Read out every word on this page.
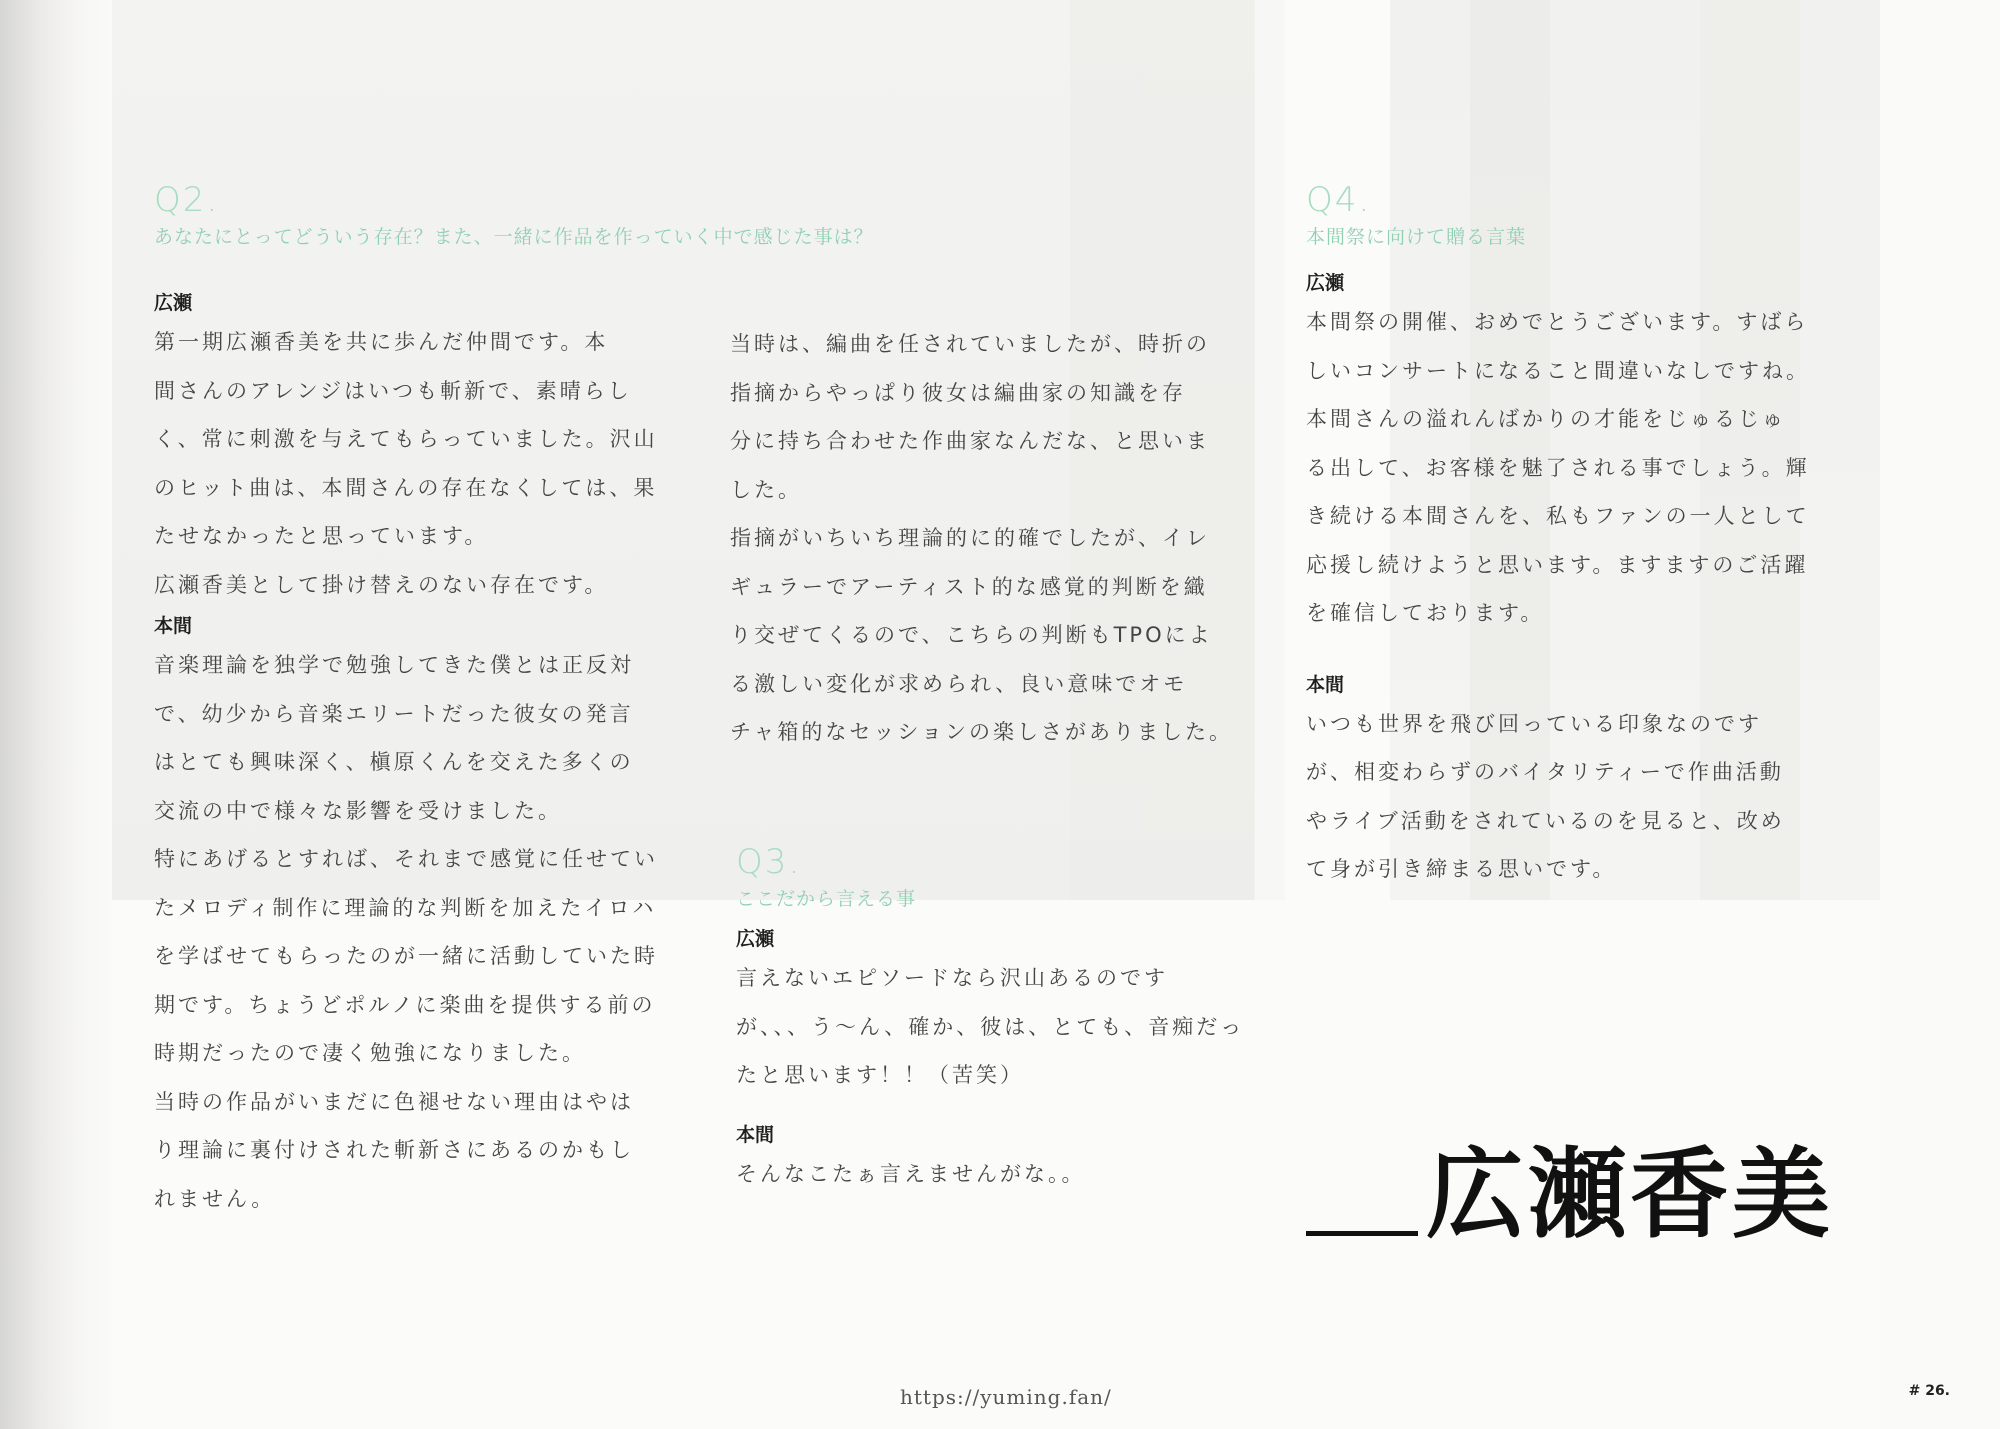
Q2.
あなたにとってどういう存在？また、一緒に作品を作っていく中で感じた事は？
広瀬

第一期広瀬香美を共に歩んだ仲間です。本
間さんのアレンジはいつも斬新で、素晴らし
く、常に刺激を与えてもらっていました。沢山
のヒット曲は、本間さんの存在なくしては、果
たせなかったと思っています。
広瀬香美として掛け替えのない存在です。

本間

音楽理論を独学で勉強してきた僕とは正反対
で、幼少から音楽エリートだった彼女の発言
はとても興味深く、槇原くんを交えた多くの
交流の中で様々な影響を受けました。
特にあげるとすれば、それまで感覚に任せてい
たメロディ制作に理論的な判断を加えたイロハ
を学ばせてもらったのが一緒に活動していた時
期です。ちょうどポルノに楽曲を提供する前の
時期だったので凄く勉強になりました。
当時の作品がいまだに色褪せない理由はやは
り理論に裏付けされた斬新さにあるのかもし
れません。

当時は、編曲を任されていましたが、時折の
指摘からやっぱり彼女は編曲家の知識を存
分に持ち合わせた作曲家なんだな、と思いま
した。
指摘がいちいち理論的に的確でしたが、イレ
ギュラーでアーティスト的な感覚的判断を織
り交ぜてくるので、こちらの判断もTPOによ
る激しい変化が求められ、良い意味でオモ
チャ箱的なセッションの楽しさがありました。

Q3.
ここだから言える事
広瀬

言えないエピソードなら沢山あるのです
が、、、う〜ん、確か、彼は、とても、音痴だっ
たと思います！！（苦笑）

本間

そんなこたぁ言えませんがな。。

Q4.
本間祭に向けて贈る言葉
広瀬

本間祭の開催、おめでとうございます。すばら
しいコンサートになること間違いなしですね。
本間さんの溢れんばかりの才能をじゅるじゅ
る出して、お客様を魅了される事でしょう。輝
き続ける本間さんを、私もファンの一人として
応援し続けようと思います。ますますのご活躍
を確信しております。

本間

いつも世界を飛び回っている印象なのです
が、相変わらずのバイタリティーで作曲活動
やライブ活動をされているのを見ると、改め
て身が引き締まる思いです。

広瀬香美
https://yuming.fan/	# 26.
